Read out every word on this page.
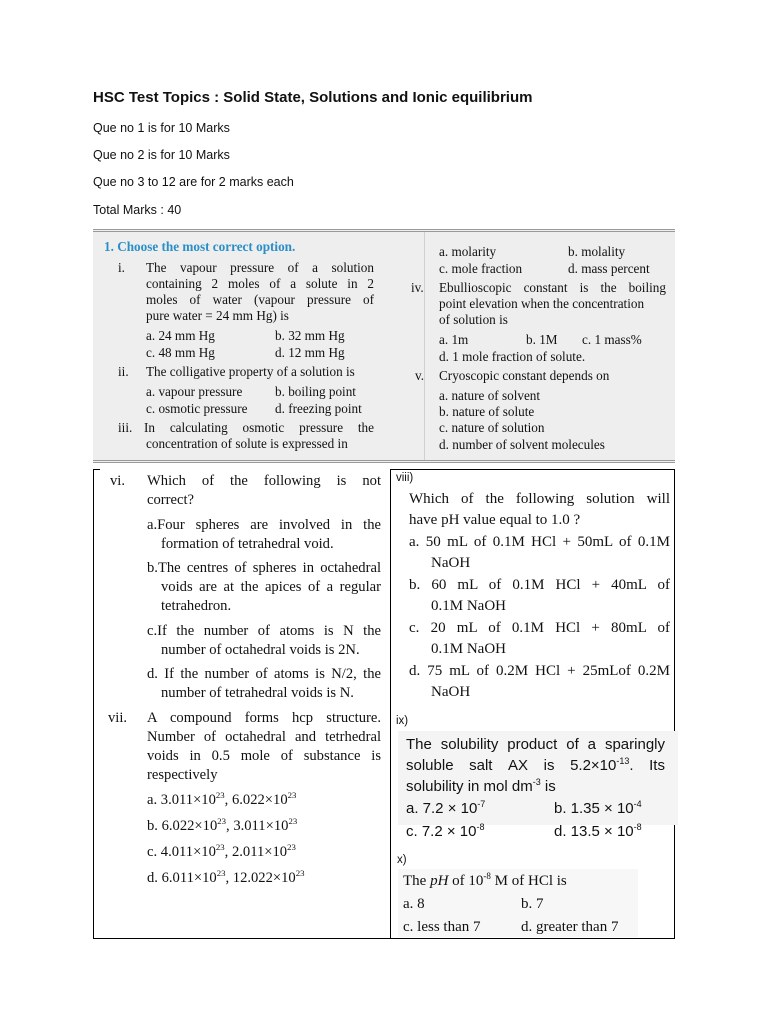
HSC Test Topics : Solid State, Solutions and Ionic equilibrium
Que no 1 is for 10 Marks
Que no 2 is for 10 Marks
Que no 3 to 12 are for 2 marks each
Total Marks : 40
1. Choose the most correct option.
i. The vapour pressure of a solution
containing 2 moles of a solute in 2
moles of water (vapour pressure of
pure water = 24 mm Hg) is
a. 24 mm Hg	b. 32 mm Hg
c. 48 mm Hg	d. 12 mm Hg
ii. The colligative property of a solution is
a. vapour pressure b. boiling point
c. osmotic pressure d. freezing point
iii. In calculating osmotic pressure the
concentration of solute is expressed in
a. molarity	b. molality
c. mole fraction	d. mass percent
iv. Ebullioscopic constant is the boiling
point elevation when the concentration
of solution is
a. 1m	b. 1M c. 1 mass%
d. 1 mole fraction of solute.
v. Cryoscopic constant depends on
a. nature of solvent
b. nature of solute
c. nature of solution
d. number of solvent molecules
vi. Which of the following is not
correct?
a.Four spheres are involved in the
formation of tetrahedral void.
b.The centres of spheres in octahedral
voids are at the apices of a regular
tetrahedron.
c.If the number of atoms is N the
number of octahedral voids is 2N.
d. If the number of atoms is N/2, the
number of tetrahedral voids is N.
vii. A compound forms hcp structure.
Number of octahedral and tetrhedral
voids in 0.5 mole of substance is
respectively
a. $3.011\times 10^{23}$, $6.022\times 10^{23}$
b. $6.022\times 10^{23}$, $3.011\times 10^{23}$
c. $4.011\times 10^{23}$, $2.011\times 10^{23}$
d. $6.011\times 10^{23}$, $12.022\times 10^{23}$
viii)
Which of the following solution will
have pH value equal to 1.0 ?
a. 50 mL of 0.1M HCl + 50mL of 0.1M
NaOH
b. 60 mL of 0.1M HCl + 40mL of
0.1M NaOH
c. 20 mL of 0.1M HCl + 80mL of
0.1M NaOH
d. 75 mL of 0.2M HCl + 25mLof 0.2M
NaOH
ix)
The solubility product of a sparingly
soluble salt AX is $5.2\times 10^{-13}$. Its
solubility in mol $dm^{-3}$ is
a. $7.2 \times 10^{-7}$	b. $1.35 \times 10^{-4}$
c. $7.2 \times 10^{-8}$	d. $13.5 \times 10^{-8}$
x)
The pH of $10^{-8}$ M of HCl is
a. 8	b. 7
c. less than 7	d. greater than 7
